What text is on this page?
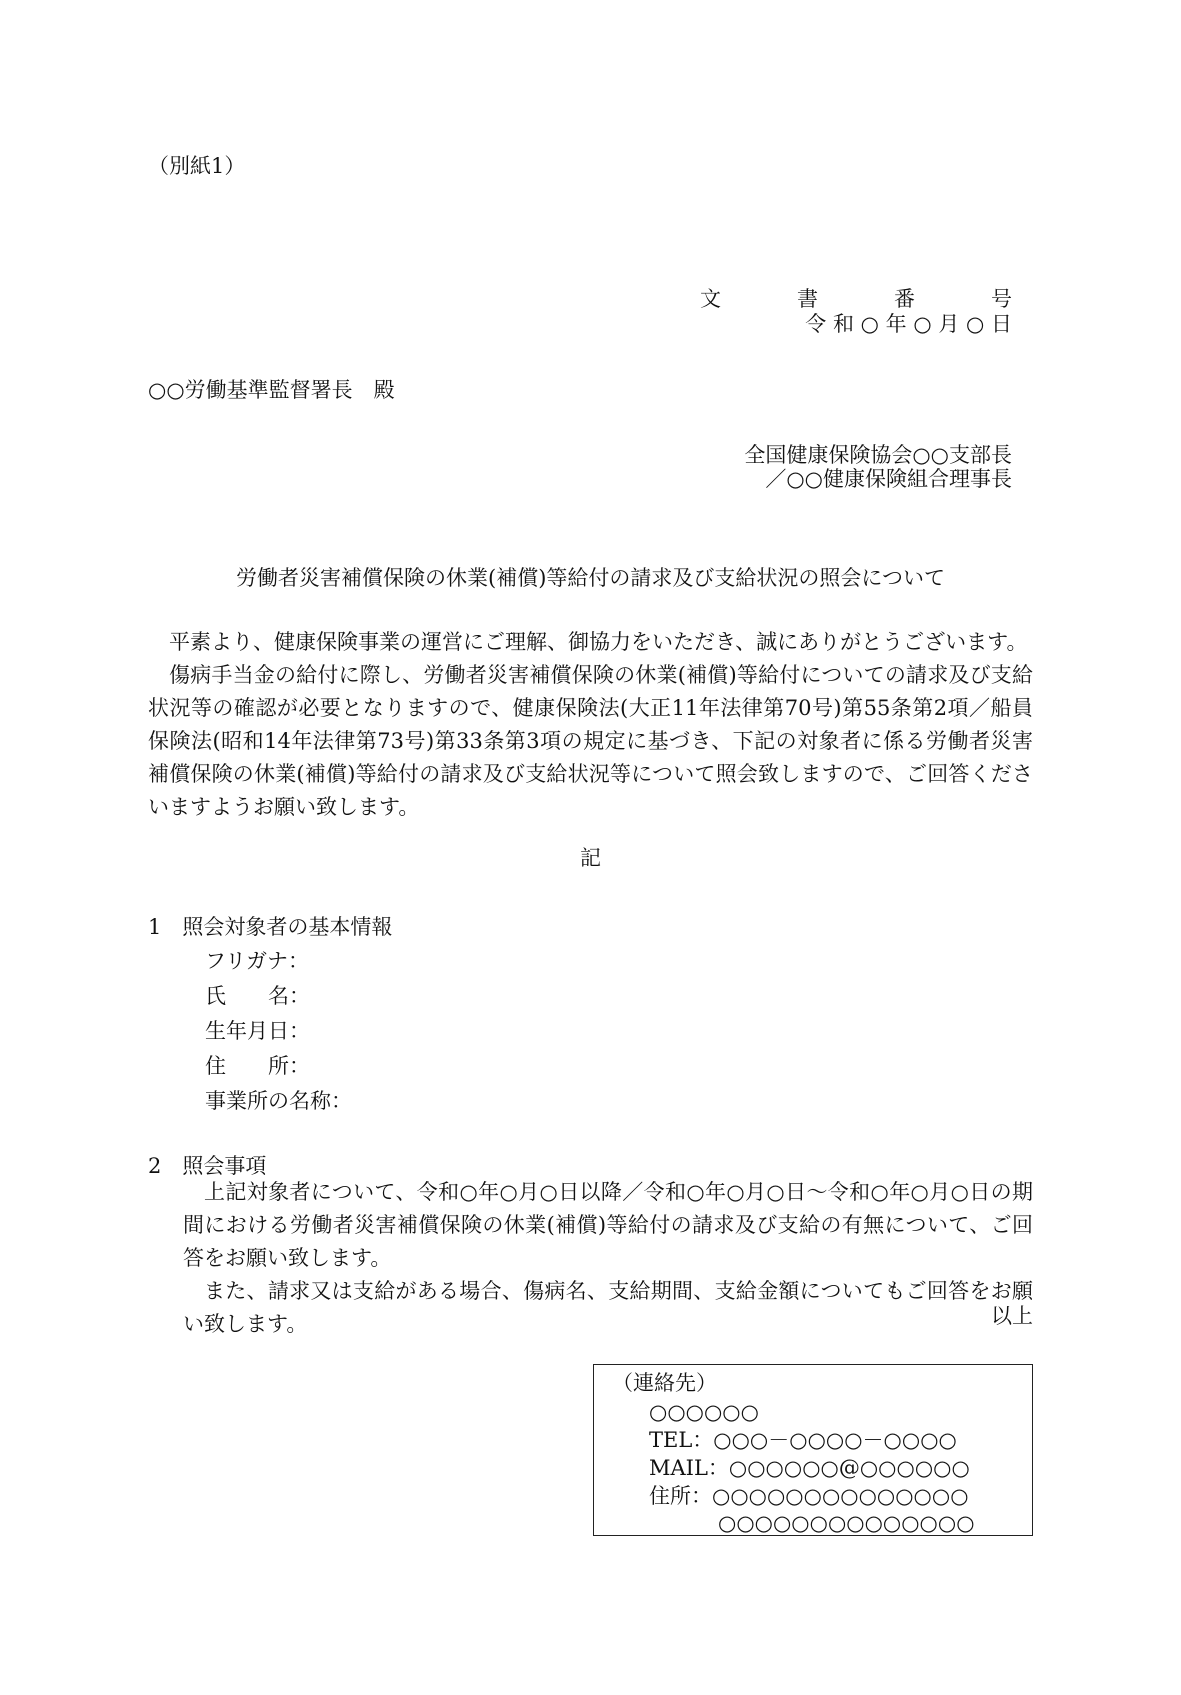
（別紙1）
文　　書　　番　　号
令 和 ○ 年 ○ 月 ○ 日
○○労働基準監督署長　殿
全国健康保険協会○○支部長
／○○健康保険組合理事長
労働者災害補償保険の休業(補償)等給付の請求及び支給状況の照会について

平素より、健康保険事業の運営にご理解、御協力をいただき、誠にありがとうございます。

傷病手当金の給付に際し、労働者災害補償保険の休業(補償)等給付についての請求及び支給状況等の確認が必要となりますので、健康保険法(大正11年法律第70号)第55条第2項／船員保険法(昭和14年法律第73号)第33条第3項の規定に基づき、下記の対象者に係る労働者災害補償保険の休業(補償)等給付の請求及び支給状況等について照会致しますので、ご回答くださいますようお願い致します。

記
1　照会対象者の基本情報
フリガナ：
氏　　名：
生年月日：
住　　所：
事業所の名称：
2　照会事項

上記対象者について、令和○年○月○日以降／令和○年○月○日～令和○年○月○日の期間における労働者災害補償保険の休業(補償)等給付の請求及び支給の有無について、ご回答をお願い致します。

また、請求又は支給がある場合、傷病名、支給期間、支給金額についてもご回答をお願い致します。	以上
（連絡先）
○○○○○○
TEL：○○○－○○○○－○○○○
MAIL：○○○○○○@○○○○○○
住所：○○○○○○○○○○○○○○
○○○○○○○○○○○○○○
